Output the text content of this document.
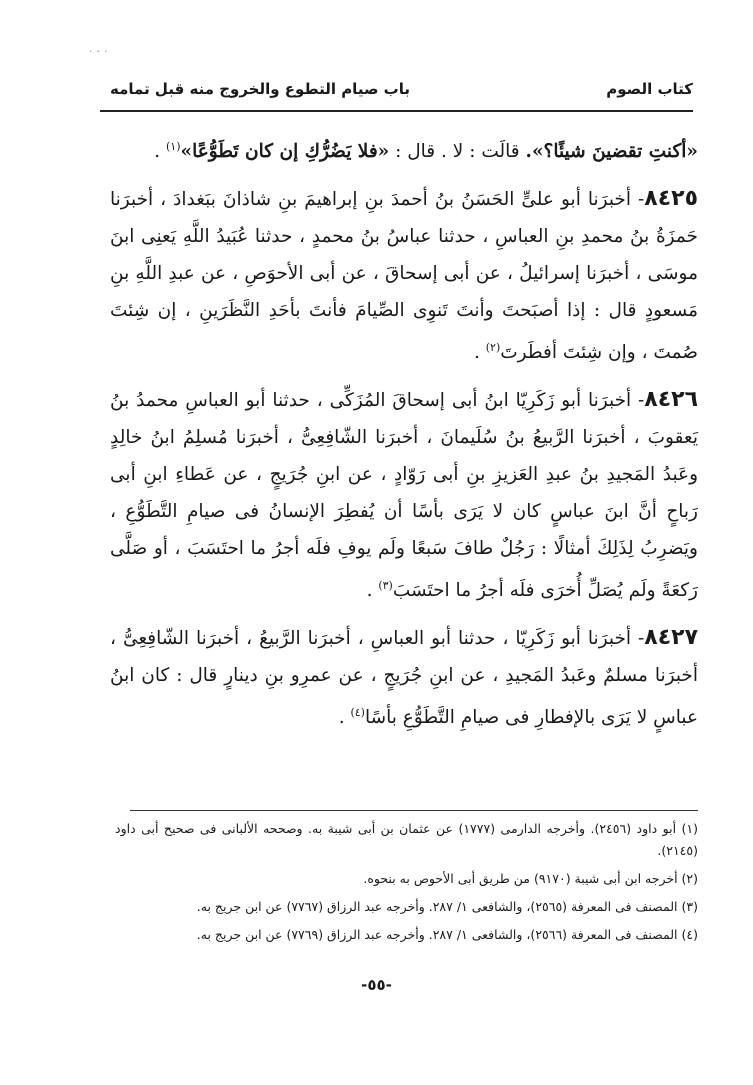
٠ - ٠
كتاب الصوم
باب صيام التطوع والخروج منه قبل تمامه

«أكنتِ تقضينَ شيئًا؟». قالَت : لا . قال : «فلا يَضُرُّكِ إن كان تَطَوُّعًا»$^{(١)}$ .

٨٤٢٥- أخبرَنا أبو علىٍّ الحَسَنُ بنُ أحمدَ بنِ إبراهيمَ بنِ شاذانَ ببَغدادَ ، أخبرَنا حَمزَةُ بنُ محمدِ بنِ العباسِ ، حدثنا عباسُ بنُ محمدٍ ، حدثنا عُبَيدُ اللَّهِ يَعنِى ابنَ موسَى ، أخبرَنا إسرائيلُ ، عن أبى إسحاقَ ، عن أبى الأحوَصِ ، عن عبدِ اللَّهِ بنِ مَسعودٍ قال : إذا أصبَحتَ وأنتَ تَنوِى الصِّيامَ فأنتَ بأحَدِ النَّظَرَينِ ، إن شِئتَ صُمتَ ، وإن شِئتَ أفطَرتَ$^{(٢)}$ .

٨٤٢٦- أخبرَنا أبو زَكَرِيّا ابنُ أبى إسحاقَ المُزَكِّى ، حدثنا أبو العباسِ محمدُ بنُ يَعقوبَ ، أخبرَنا الرَّبيعُ بنُ سُلَيمانَ ، أخبرَنا الشّافِعِىُّ ، أخبرَنا مُسلِمُ ابنُ خالِدٍ وعَبدُ المَجيدِ بنُ عبدِ العَزيزِ بنِ أبى رَوّادٍ ، عن ابنِ جُرَيجٍ ، عن عَطاءِ ابنِ أبى رَباحٍ أنَّ ابنَ عباسٍ كان لا يَرَى بأسًا أن يُفطِرَ الإنسانُ فى صيامِ التَّطَوُّعِ ، ويَضرِبُ لِذَلِكَ أمثالًا : رَجُلٌ طافَ سَبعًا ولَم يوفِ فلَه أجرُ ما احتَسَبَ ، أو صَلَّى رَكعَةً ولَم يُصَلِّ أُخرَى فلَه أجرُ ما احتَسَبَ$^{(٣)}$ .

٨٤٢٧- أخبرَنا أبو زَكَرِيّا ، حدثنا أبو العباسِ ، أخبرَنا الرَّبيعُ ، أخبرَنا الشّافِعِىُّ ، أخبرَنا مسلمٌ وعَبدُ المَجيدِ ، عن ابنِ جُرَيجٍ ، عن عمرِو بنِ دينارٍ قال : كان ابنُ عباسٍ لا يَرَى بالإفطارِ فى صيامِ التَّطَوُّعِ بأسًا$^{(٤)}$ .

(١) أبو داود (٢٤٥٦). وأخرجه الدارمى (١٧٧٧) عن عثمان بن أبى شيبة به. وصححه الألبانى فى صحيح أبى داود (٢١٤٥).

(٢) أخرجه ابن أبى شيبة (٩١٧٠) من طريق أبى الأحوص به بنحوه.

(٣) المصنف فى المعرفة (٢٥٦٥)، والشافعى ١/ ٢٨٧. وأخرجه عبد الرزاق (٧٧٦٧) عن ابن جريج به.

(٤) المصنف فى المعرفة (٢٥٦٦)، والشافعى ١/ ٢٨٧. وأخرجه عبد الرزاق (٧٧٦٩) عن ابن جريج به.

-٥٥-
